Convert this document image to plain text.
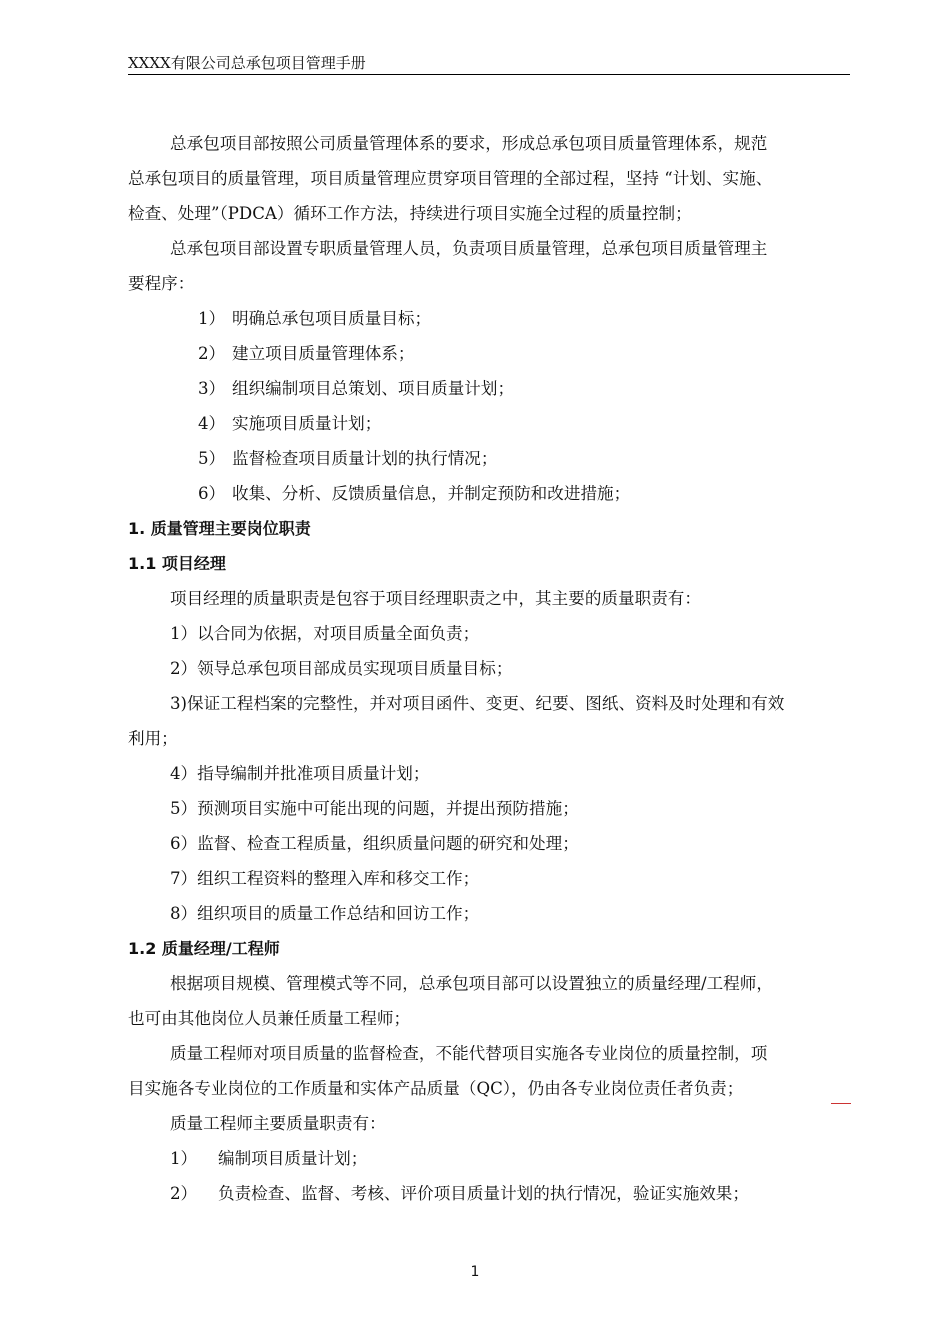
XXXX有限公司总承包项目管理手册
总承包项目部按照公司质量管理体系的要求，形成总承包项目质量管理体系，规范
总承包项目的质量管理，项目质量管理应贯穿项目管理的全部过程，坚持 “计划、实施、
检查、处理”（PDCA）循环工作方法，持续进行项目实施全过程的质量控制；
总承包项目部设置专职质量管理人员，负责项目质量管理，总承包项目质量管理主
要程序：
1） 明确总承包项目质量目标；
2） 建立项目质量管理体系；
3） 组织编制项目总策划、项目质量计划；
4） 实施项目质量计划；
5） 监督检查项目质量计划的执行情况；
6） 收集、分析、反馈质量信息，并制定预防和改进措施；
1. 质量管理主要岗位职责
1.1 项目经理
项目经理的质量职责是包容于项目经理职责之中，其主要的质量职责有：
1）以合同为依据，对项目质量全面负责；
2）领导总承包项目部成员实现项目质量目标；
3)保证工程档案的完整性，并对项目函件、变更、纪要、图纸、资料及时处理和有效
利用；
4）指导编制并批准项目质量计划；
5）预测项目实施中可能出现的问题，并提出预防措施；
6）监督、检查工程质量，组织质量问题的研究和处理；
7）组织工程资料的整理入库和移交工作；
8）组织项目的质量工作总结和回访工作；
1.2 质量经理/工程师
根据项目规模、管理模式等不同，总承包项目部可以设置独立的质量经理/工程师，
也可由其他岗位人员兼任质量工程师；
质量工程师对项目质量的监督检查，不能代替项目实施各专业岗位的质量控制，项
目实施各专业岗位的工作质量和实体产品质量（QC），仍由各专业岗位责任者负责；
质量工程师主要质量职责有：
1） 编制项目质量计划；
2） 负责检查、监督、考核、评价项目质量计划的执行情况，验证实施效果；
1
